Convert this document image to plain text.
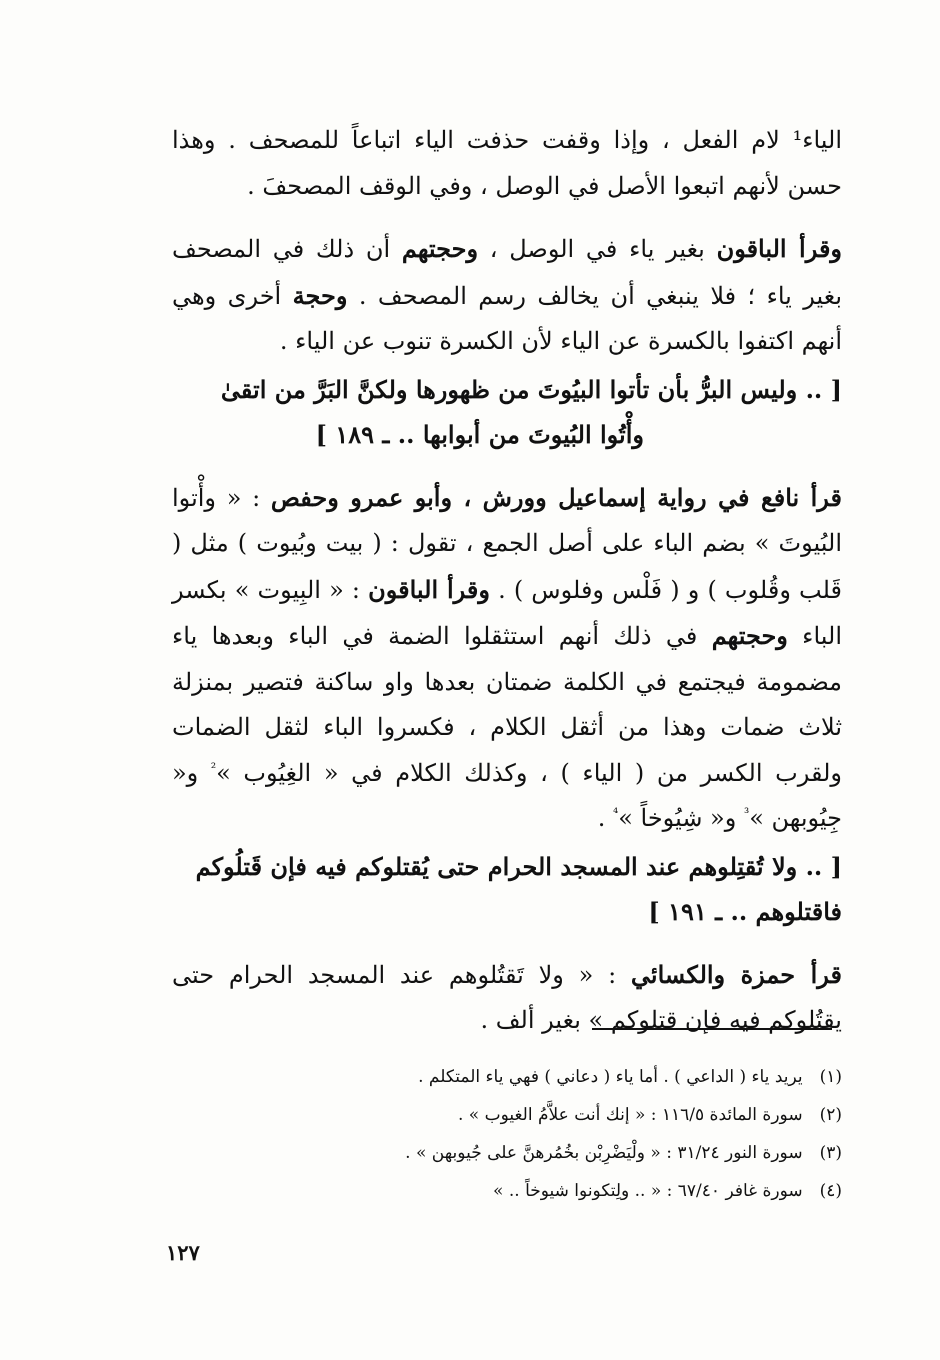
الياء¹ لام الفعل ، وإذا وقفت حذفت الياء اتباعاً للمصحف . وهذا حسن لأنهم اتبعوا الأصل في الوصل ، وفي الوقف المصحفَ .

وقرأ الباقون بغير ياء في الوصل ، وحجتهم أن ذلك في المصحف بغير ياء ؛ فلا ينبغي أن يخالف رسم المصحف . وحجة أخرى وهي أنهم اكتفوا بالكسرة عن الياء لأن الكسرة تنوب عن الياء .

[ .. وليس البرُّ بأن تأتوا البيُوتَ من ظهورها ولكنَّ البَرَّ من اتقىٰ
وأْتُوا البُيوتَ من أبوابها .. ـ ١٨٩ ]

قرأ نافع في رواية إسماعيل وورش ، وأبو عمرو وحفص : « وأْتوا البُيوتَ » بضم الباء على أصل الجمع ، تقول : ( بيت وبُيوت ) مثل ( قَلب وقُلوب ) و ( فَلْس وفلوس ) . وقرأ الباقون : « البِيوت » بكسر الباء وحجتهم في ذلك أنهم استثقلوا الضمة في الباء وبعدها ياء مضمومة فيجتمع في الكلمة ضمتان بعدها واو ساكنة فتصير بمنزلة ثلاث ضمات وهذا من أثقل الكلام ، فكسروا الباء لثقل الضمات ولقرب الكسر من ( الياء ) ، وكذلك الكلام في « الغِيُوب »$^{^2}$ و« جِيُوبهن »$^{^3}$ و« شِيُوخاً »$^{^4}$ .

[ .. ولا تُقتِلوهم عند المسجد الحرام حتى يُقتلوكم فيه فإن قَتلُوكم
فاقتلوهم .. ـ ١٩١ ]

قرأ حمزة والكسائي : « ولا تَقتُلوهم عند المسجد الحرام حتى يقتُلوكم فيه فإن قتلوكم » بغير ألف .

(١) يريد ياء ( الداعي ) . أما ياء ( دعاني ) فهي ياء المتكلم .
(٢) سورة المائدة ١١٦/٥ : « إنك أنت علاَّمُ الغيوب » .
(٣) سورة النور ٣١/٢٤ : « ولْيَضْرِبْن بخُمُرهنَّ على جُيوبهن » .
(٤) سورة غافر ٦٧/٤٠ : « .. ولِتكونوا شيوخاً .. »
١٢٧
